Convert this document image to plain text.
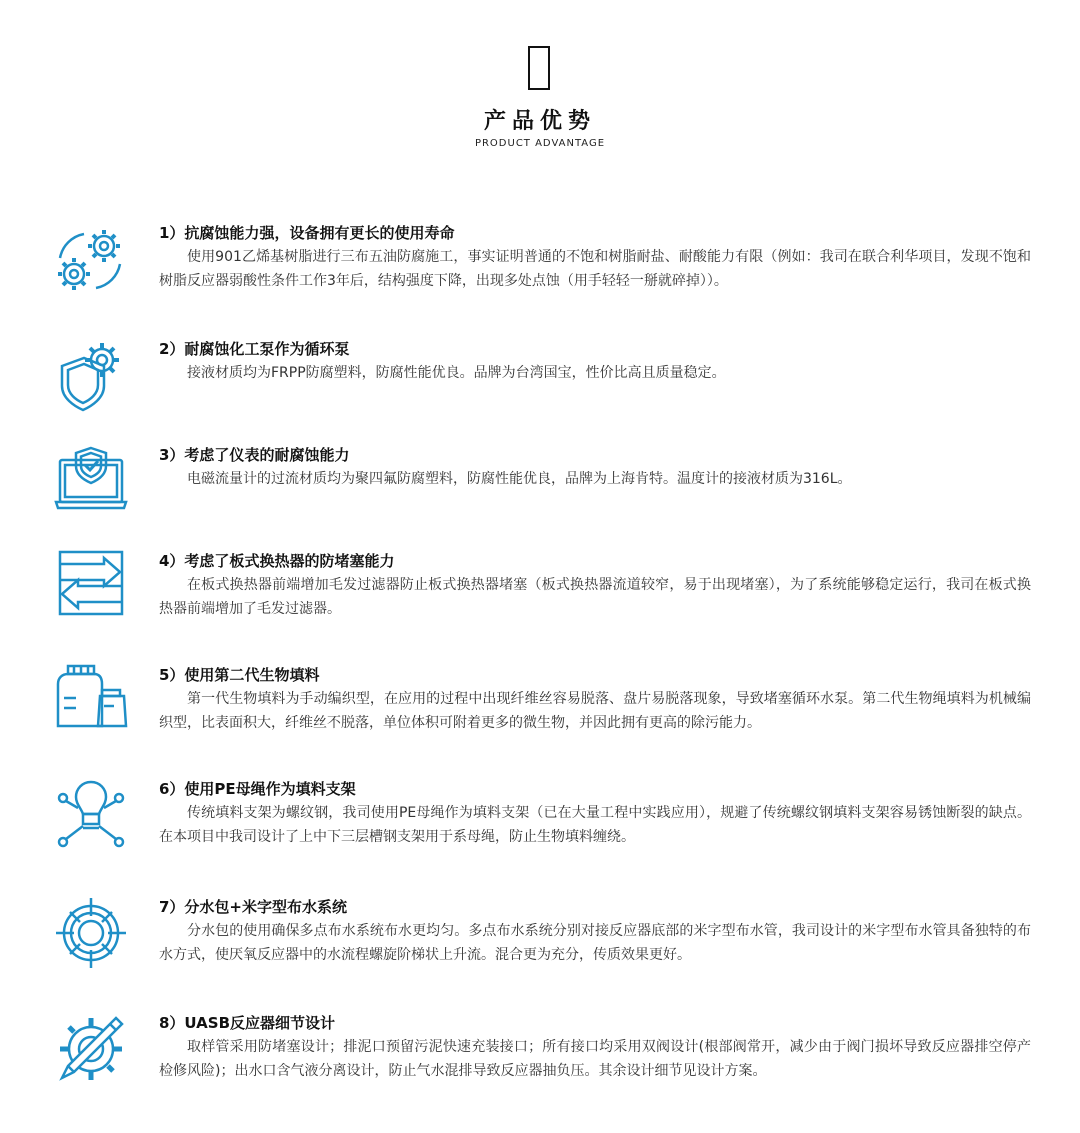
产品优势
PRODUCT ADVANTAGE
1）抗腐蚀能力强，设备拥有更长的使用寿命
使用901乙烯基树脂进行三布五油防腐施工，事实证明普通的不饱和树脂耐盐、耐酸能力有限（例如：我司在联合利华项目，发现不饱和树脂反应器弱酸性条件工作3年后，结构强度下降，出现多处点蚀（用手轻轻一掰就碎掉））。
2）耐腐蚀化工泵作为循环泵
接液材质均为FRPP防腐塑料，防腐性能优良。品牌为台湾国宝，性价比高且质量稳定。
3）考虑了仪表的耐腐蚀能力
电磁流量计的过流材质均为聚四氟防腐塑料，防腐性能优良，品牌为上海肯特。温度计的接液材质为316L。
4）考虑了板式换热器的防堵塞能力
在板式换热器前端增加毛发过滤器防止板式换热器堵塞（板式换热器流道较窄，易于出现堵塞），为了系统能够稳定运行，我司在板式换热器前端增加了毛发过滤器。
5）使用第二代生物填料
第一代生物填料为手动编织型，在应用的过程中出现纤维丝容易脱落、盘片易脱落现象，导致堵塞循环水泵。第二代生物绳填料为机械编织型，比表面积大，纤维丝不脱落，单位体积可附着更多的微生物，并因此拥有更高的除污能力。
6）使用PE母绳作为填料支架
传统填料支架为螺纹钢，我司使用PE母绳作为填料支架（已在大量工程中实践应用），规避了传统螺纹钢填料支架容易锈蚀断裂的缺点。在本项目中我司设计了上中下三层槽钢支架用于系母绳，防止生物填料缠绕。
7）分水包+米字型布水系统
分水包的使用确保多点布水系统布水更均匀。多点布水系统分别对接反应器底部的米字型布水管，我司设计的米字型布水管具备独特的布水方式，使厌氧反应器中的水流程螺旋阶梯状上升流。混合更为充分，传质效果更好。
8）UASB反应器细节设计
取样管采用防堵塞设计；排泥口预留污泥快速充装接口；所有接口均采用双阀设计(根部阀常开，减少由于阀门损坏导致反应器排空停产检修风险)；出水口含气液分离设计，防止气水混排导致反应器抽负压。其余设计细节见设计方案。
